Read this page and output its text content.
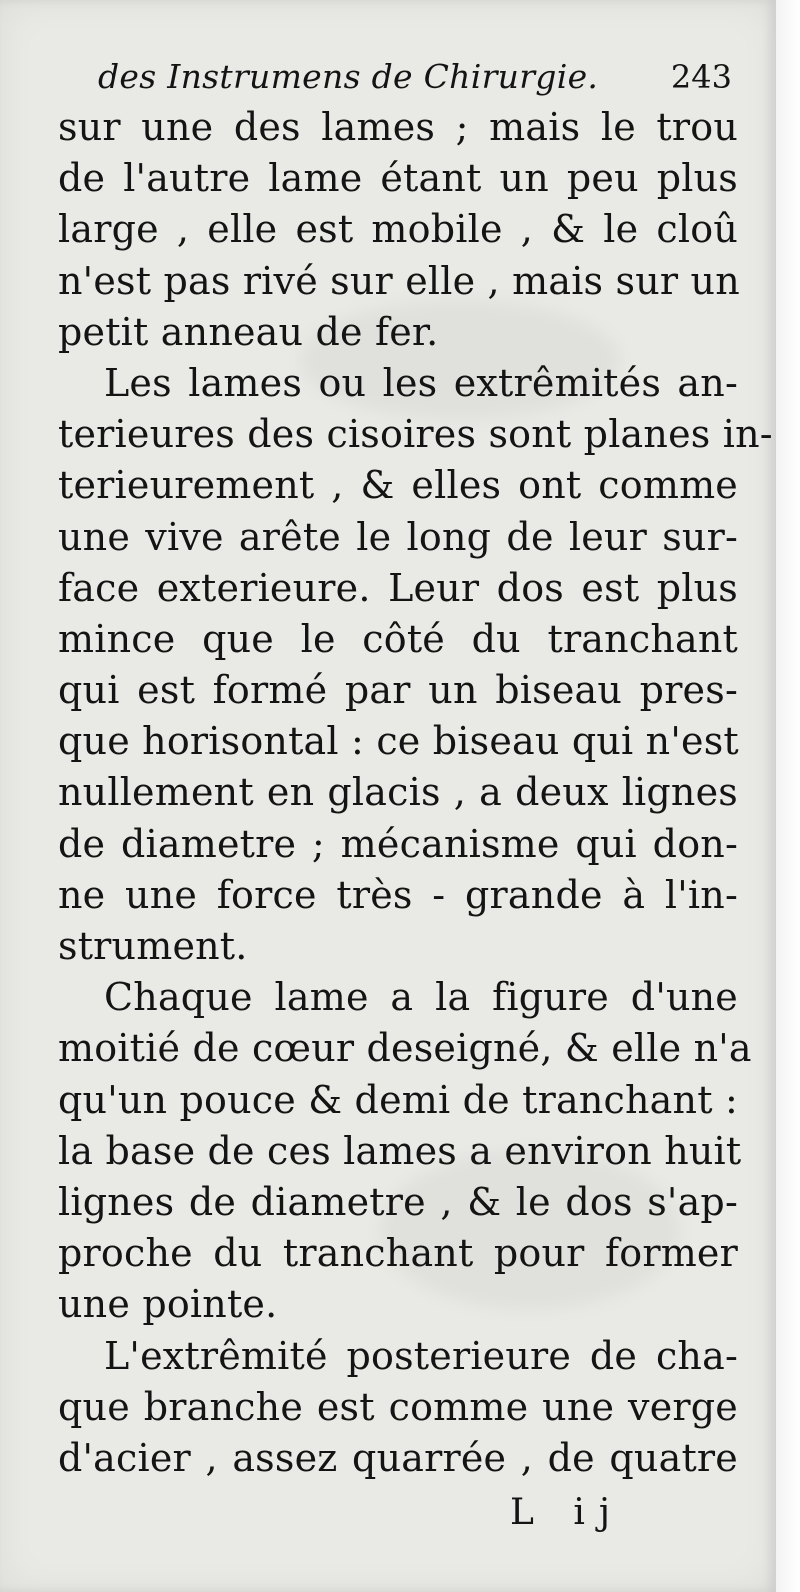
des Instrumens de Chirurgie. 243
sur une des lames ; mais le trou
de l'autre lame étant un peu plus
large , elle est mobile , & le cloû
n'est pas rivé sur elle , mais sur un
petit anneau de fer.
Les lames ou les extrêmités an-
terieures des cisoires sont planes in-
terieurement , & elles ont comme
une vive arête le long de leur sur-
face exterieure. Leur dos est plus
mince que le côté du tranchant
qui est formé par un biseau pres-
que horisontal : ce biseau qui n'est
nullement en glacis , a deux lignes
de diametre ; mécanisme qui don-
ne une force très - grande à l'in-
strument.
Chaque lame a la figure d'une
moitié de cœur deseigné, & elle n'a
qu'un pouce & demi de tranchant :
la base de ces lames a environ huit
lignes de diametre , & le dos s'ap-
proche du tranchant pour former
une pointe.
L'extrêmité posterieure de cha-
que branche est comme une verge
d'acier , assez quarrée , de quatre
L ij
